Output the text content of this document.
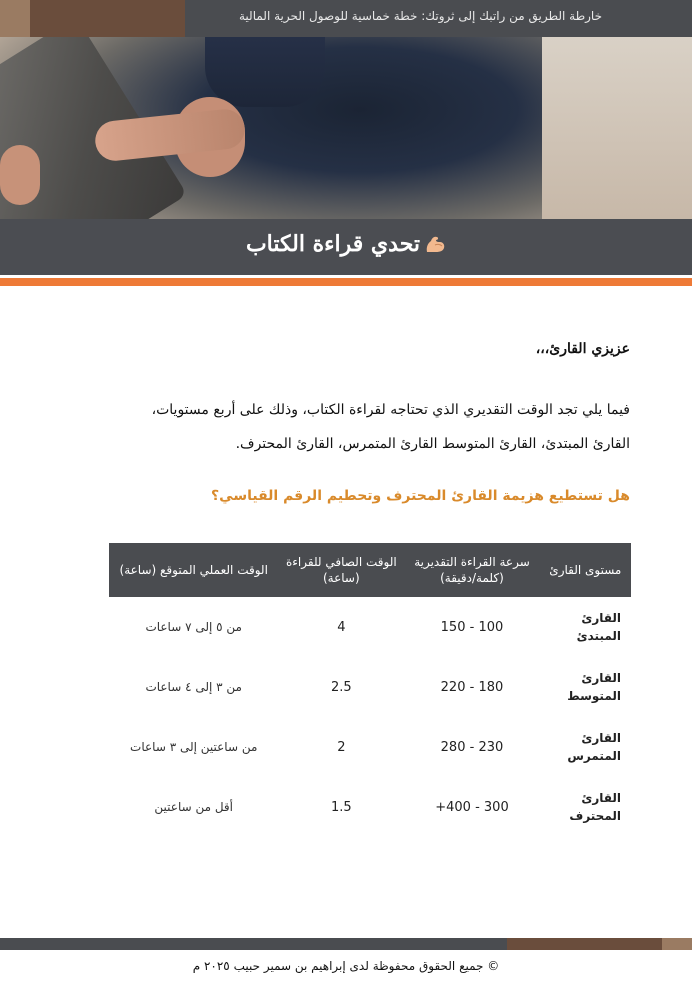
خارطة الطريق من راتبك إلى ثروتك: خطة خماسية للوصول الحرية المالية
تحدي قراءة الكتاب
عزيزي القارئ،،،
فيما يلي تجد الوقت التقديري الذي تحتاجه لقراءة الكتاب، وذلك على أربع مستويات،
القارئ المبتدئ، القارئ المتوسط القارئ المتمرس، القارئ المحترف.
هل تستطيع هزيمة القارئ المحترف وتحطيم الرقم القياسي؟
مستوى القارئ	سرعة القراءة التقديرية (كلمة/دقيقة)	الوقت الصافي للقراءة (ساعة)	الوقت العملي المتوقع (ساعة)

القارئ
المبتدئ	100 - 150	4	من ٥ إلى ٧ ساعات

القارئ
المتوسط	180 - 220	2.5	من ٣ إلى ٤ ساعات

القارئ
المتمرس	230 - 280	2	من ساعتين إلى ٣ ساعات

القارئ
المحترف	300 - 400+	1.5	أقل من ساعتين
© جميع الحقوق محفوظة لدى إبراهيم بن سمير حبيب ٢٠٢٥ م
